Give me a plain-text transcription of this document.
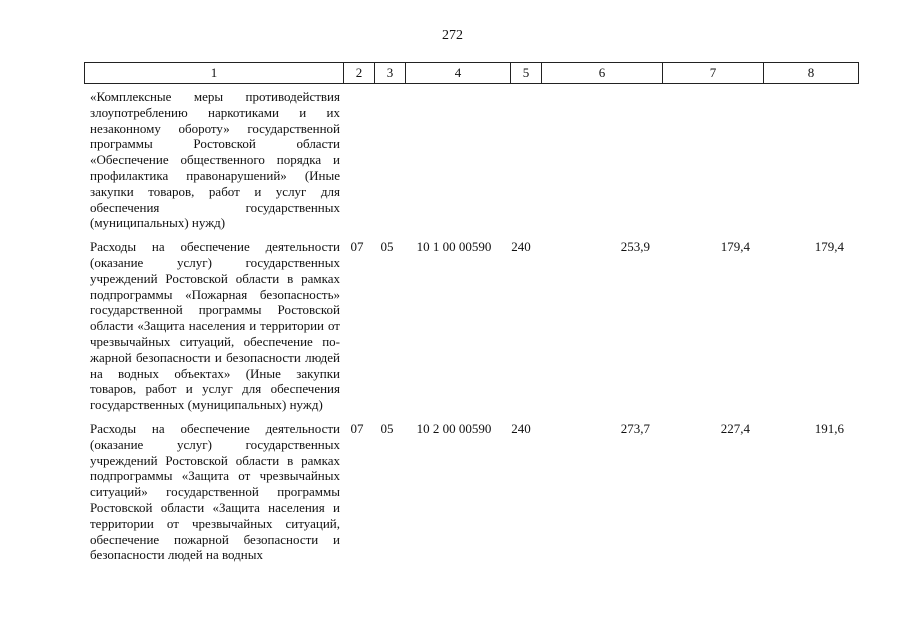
272
1	2	3	4	5	6	7	8
«Комплексные меры противодействия злоупотреблению наркотиками и их незаконному обороту» государственной программы Ростовской области «Обеспечение общественного порядка и профилактика правонарушений» (Иные закупки товаров, работ и услуг для обеспечения государственных (муниципальных) нужд)							
Расходы на обеспечение деятельности (оказание услуг) государственных учреждений Ростовской области в рамках подпрограммы «Пожарная безопасность» государственной программы Ростовской области «Защита населения и территории от чрезвычайных ситуаций, обеспечение пожарной безопасности и безопасности людей на водных объектах» (Иные закупки товаров, работ и услуг для обеспечения государственных (муниципальных) нужд)	07	05	10 1 00 00590	240	253,9	179,4	179,4
Расходы на обеспечение деятельности (оказание услуг) государственных учреждений Ростовской области в рамках подпрограммы «Защита от чрезвычайных ситуаций» государственной программы Ростовской области «Защита населения и территории от чрезвычайных ситуаций, обеспечение пожарной безопасности и безопасности людей на водных	07	05	10 2 00 00590	240	273,7	227,4	191,6
